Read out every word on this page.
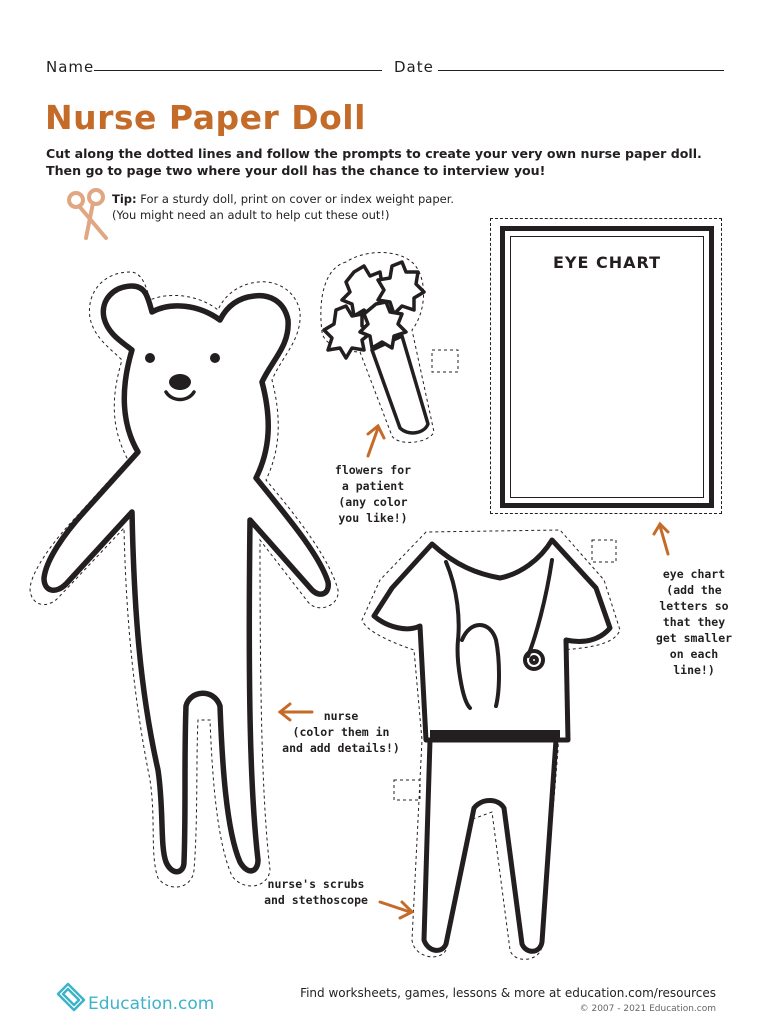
Name	Date
Nurse Paper Doll
Cut along the dotted lines and follow the prompts to create your very own nurse paper doll.
Then go to page two where your doll has the chance to interview you!
Tip: For a sturdy doll, print on cover or index weight paper.
(You might need an adult to help cut these out!)
flowers for
a patient
(any color
you like!)
EYE CHART
eye chart
(add the
letters so
that they
get smaller
on each
line!)
nurse
(color them in
and add details!)
nurse's scrubs
and stethoscope
Education.com
Find worksheets, games, lessons & more at education.com/resources
© 2007 - 2021 Education.com
